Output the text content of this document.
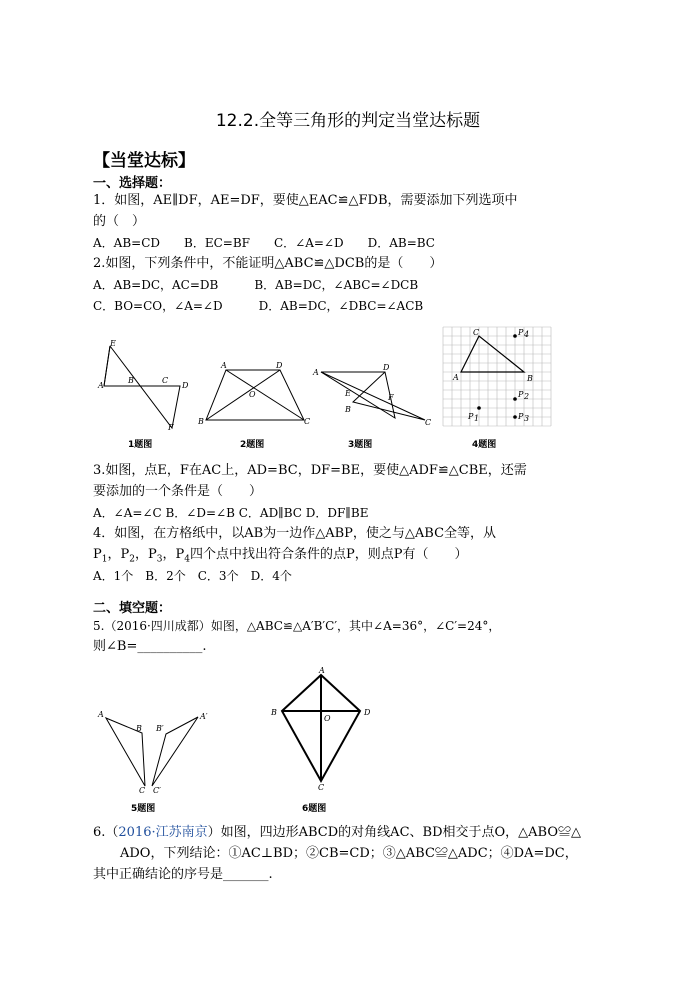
12.2.全等三角形的判定当堂达标题
【当堂达标】
一、选择题：
1．如图，AE∥DF，AE=DF，要使△EAC≌△FDB，需要添加下列选项中
的（　）
A．AB=CD　　B．EC=BF　　C．∠A=∠D　　D．AB=BC
2.如图，下列条件中，不能证明△ABC≌△DCB的是（　　）
A．AB=DC，AC=DB　　　B．AB=DC，∠ABC=∠DCB
C．BO=CO，∠A=∠D　　　D．AB=DC，∠DBC=∠ACB
E
A
B	C
D
F
1题图
A	D
O
B	C
2题图
A
D
E	F
B
C
3题图
C
A	B
P 4
P 2
P 1	P 3
4题图
3.如图，点E，F在AC上，AD=BC，DF=BE，要使△ADF≌△CBE，还需
要添加的一个条件是（　　）
A．∠A=∠C B．∠D=∠B C．AD∥BC D．DF∥BE
4．如图，在方格纸中，以AB为一边作△ABP，使之与△ABC全等，从
$P_1$，$P_2$，$P_3$，$P_4$四个点中找出符合条件的点P，则点P有（　　）
A．1个　B．2个　C．3个　D．4个
二、填空题：
5.（2016·四川成都）如图，△ABC≌△A′B′C′，其中∠A=36°，∠C′=24°，
则∠B=__________.
A
B
C
A′
B′
C′
5题图
A
B
O
D
C
6题图
6.（2016·江苏南京）如图，四边形ABCD的对角线AC、BD相交于点O，△ABO≌△
ADO，下列结论：①AC⊥BD；②CB=CD；③△ABC≌△ADC；④DA=DC，
其中正确结论的序号是_______.
